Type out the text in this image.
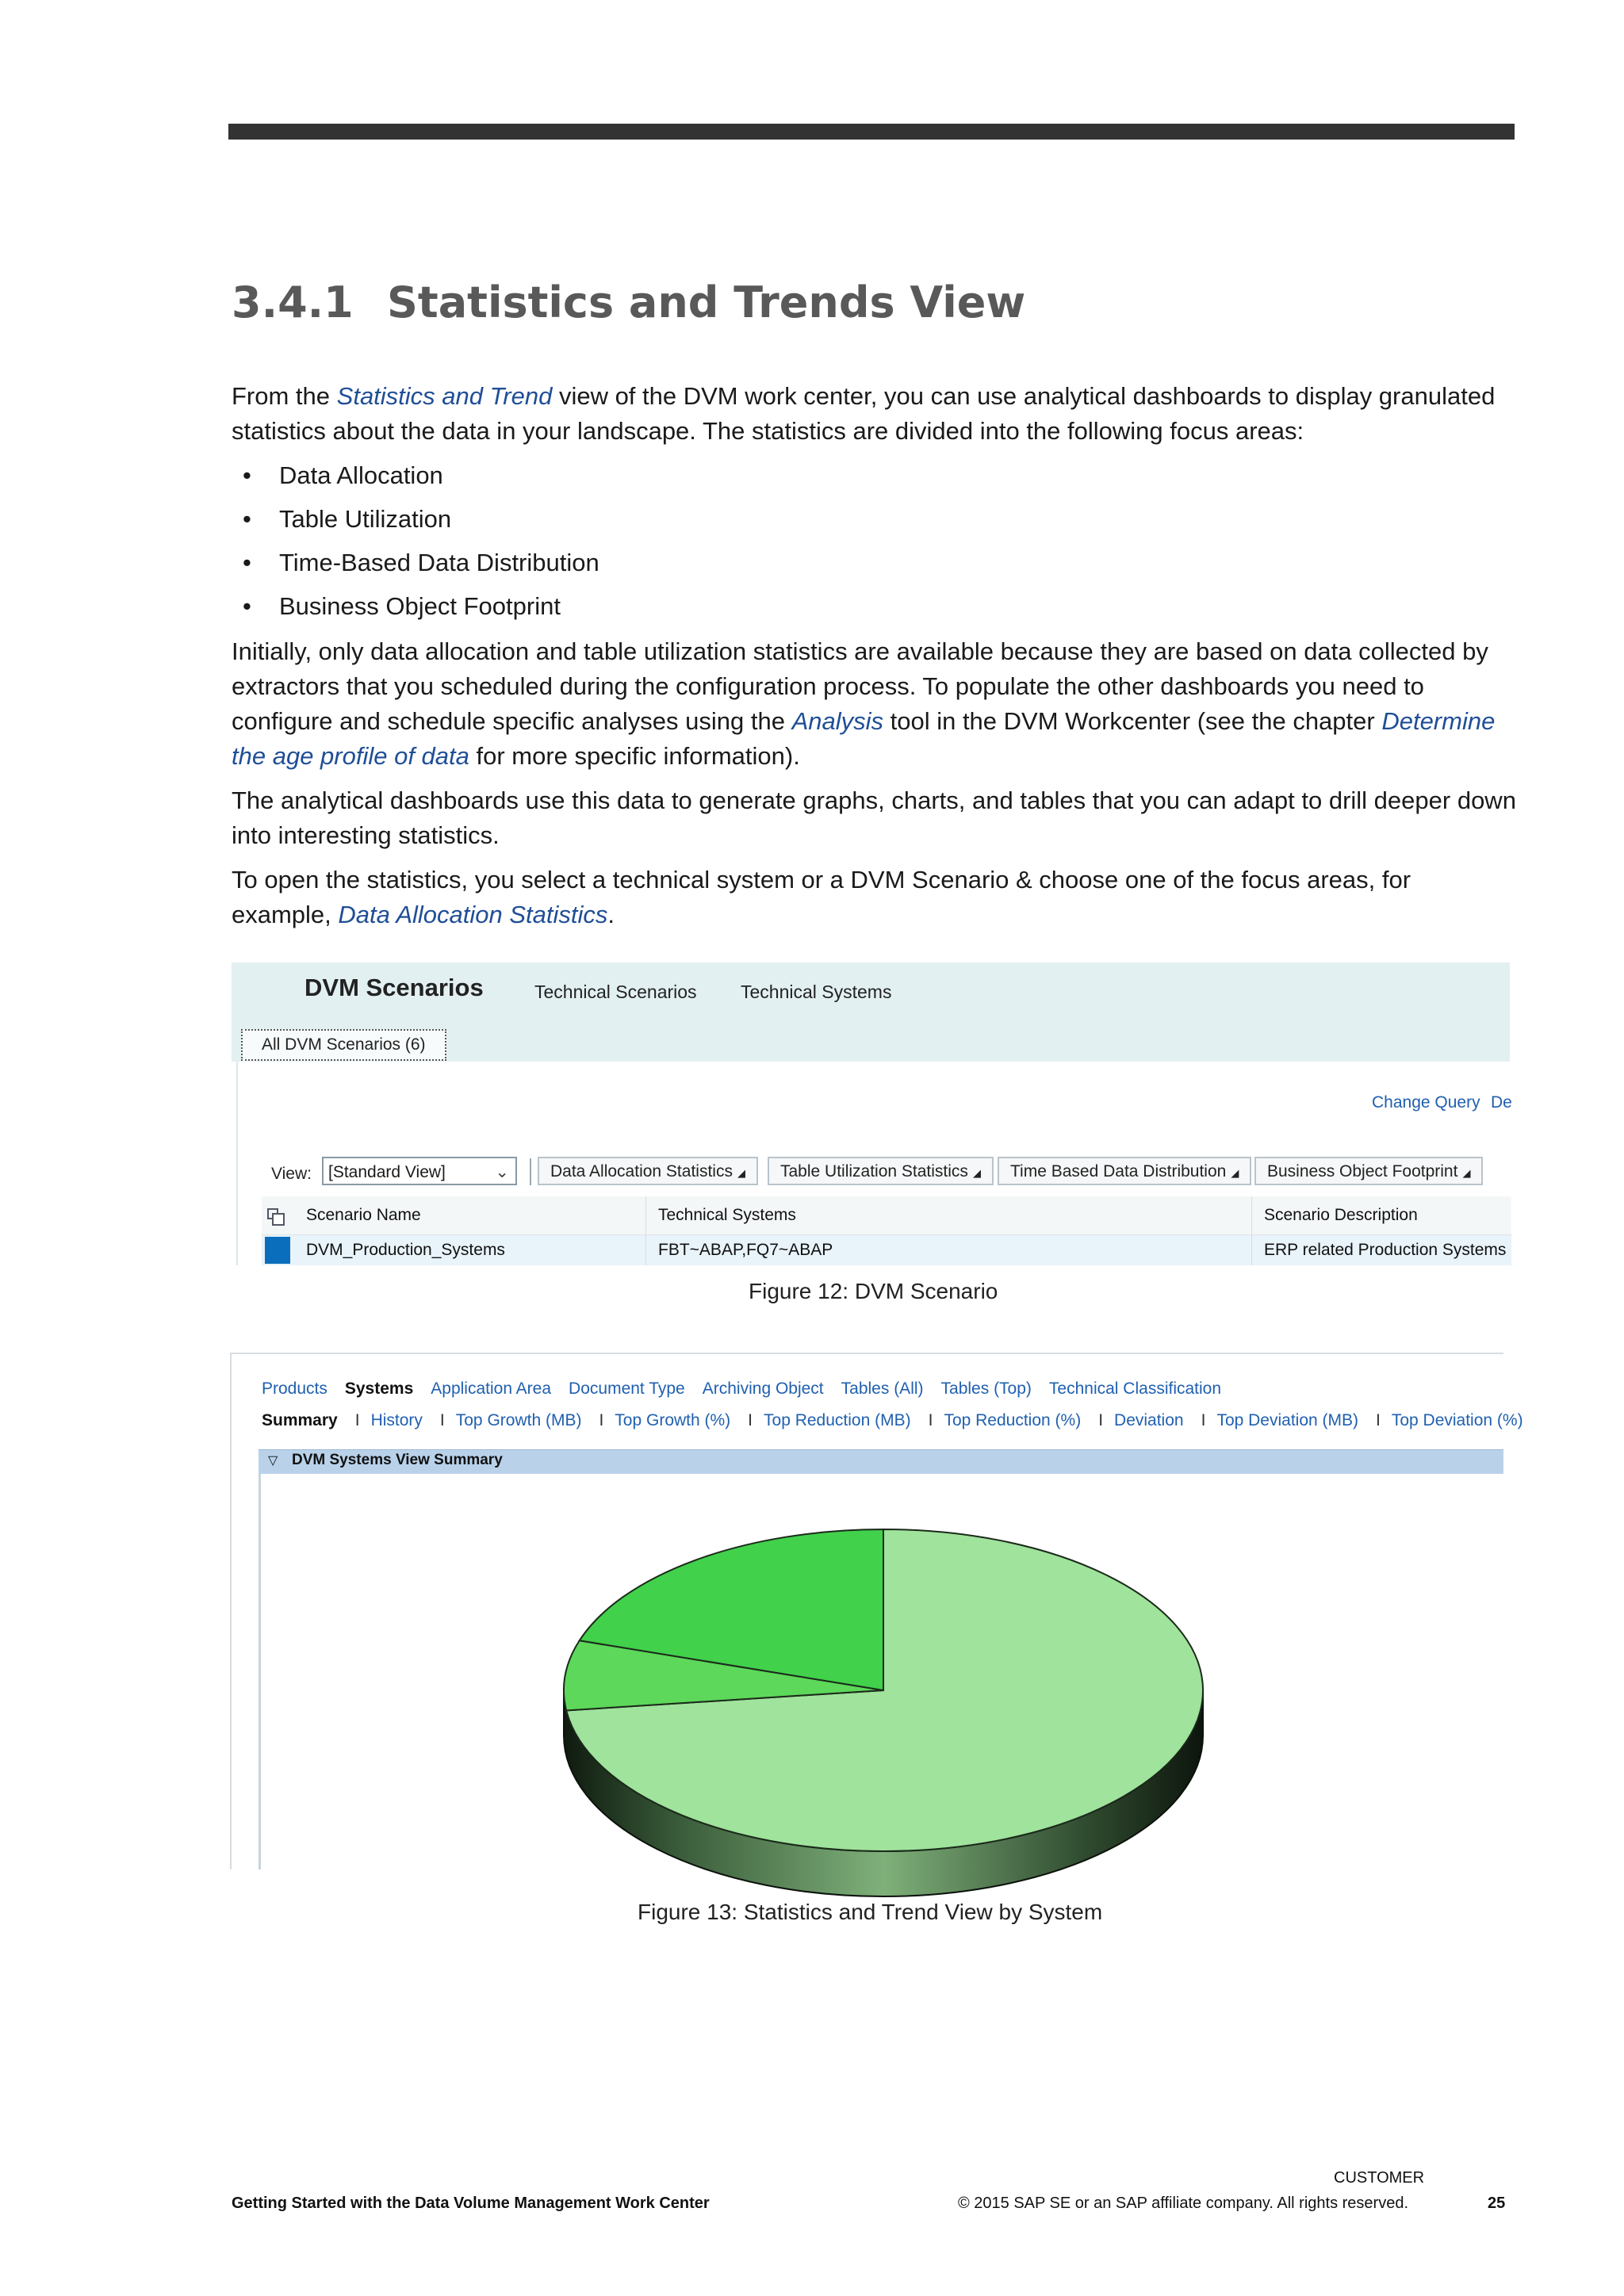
3.4.1 Statistics and Trends View

From the Statistics and Trend view of the DVM work center, you can use analytical dashboards to display granulated statistics about the data in your landscape. The statistics are divided into the following focus areas:

• Data Allocation
• Table Utilization
• Time-Based Data Distribution
• Business Object Footprint

Initially, only data allocation and table utilization statistics are available because they are based on data collected by extractors that you scheduled during the configuration process. To populate the other dashboards you need to configure and schedule specific analyses using the Analysis tool in the DVM Workcenter (see the chapter Determine the age profile of data for more specific information).

The analytical dashboards use this data to generate graphs, charts, and tables that you can adapt to drill deeper down into interesting statistics.

To open the statistics, you select a technical system or a DVM Scenario & choose one of the focus areas, for example, Data Allocation Statistics.

DVM Scenarios	Technical Scenarios Technical Systems
All DVM Scenarios (6)
Change Query De
View:	[Standard View]	⌄	Data Allocation Statistics ◢	Table Utilization Statistics ◢	Time Based Data Distribution ◢	Business Object Footprint ◢
Scenario Name	Technical Systems	Scenario Description
DVM_Production_Systems	FBT~ABAP,FQ7~ABAP	ERP related Production Systems
Figure 12: DVM Scenario
Products Systems Application Area Document Type Archiving Object Tables (All) Tables (Top) Technical Classification
Summary I History I Top Growth (MB) I Top Growth (%) I Top Reduction (MB) I Top Reduction (%) I Deviation I Top Deviation (MB) I Top Deviation (%)
▽ DVM Systems View Summary
Figure 13: Statistics and Trend View by System
CUSTOMER
Getting Started with the Data Volume Management Work Center	© 2015 SAP SE or an SAP affiliate company. All rights reserved.	25
